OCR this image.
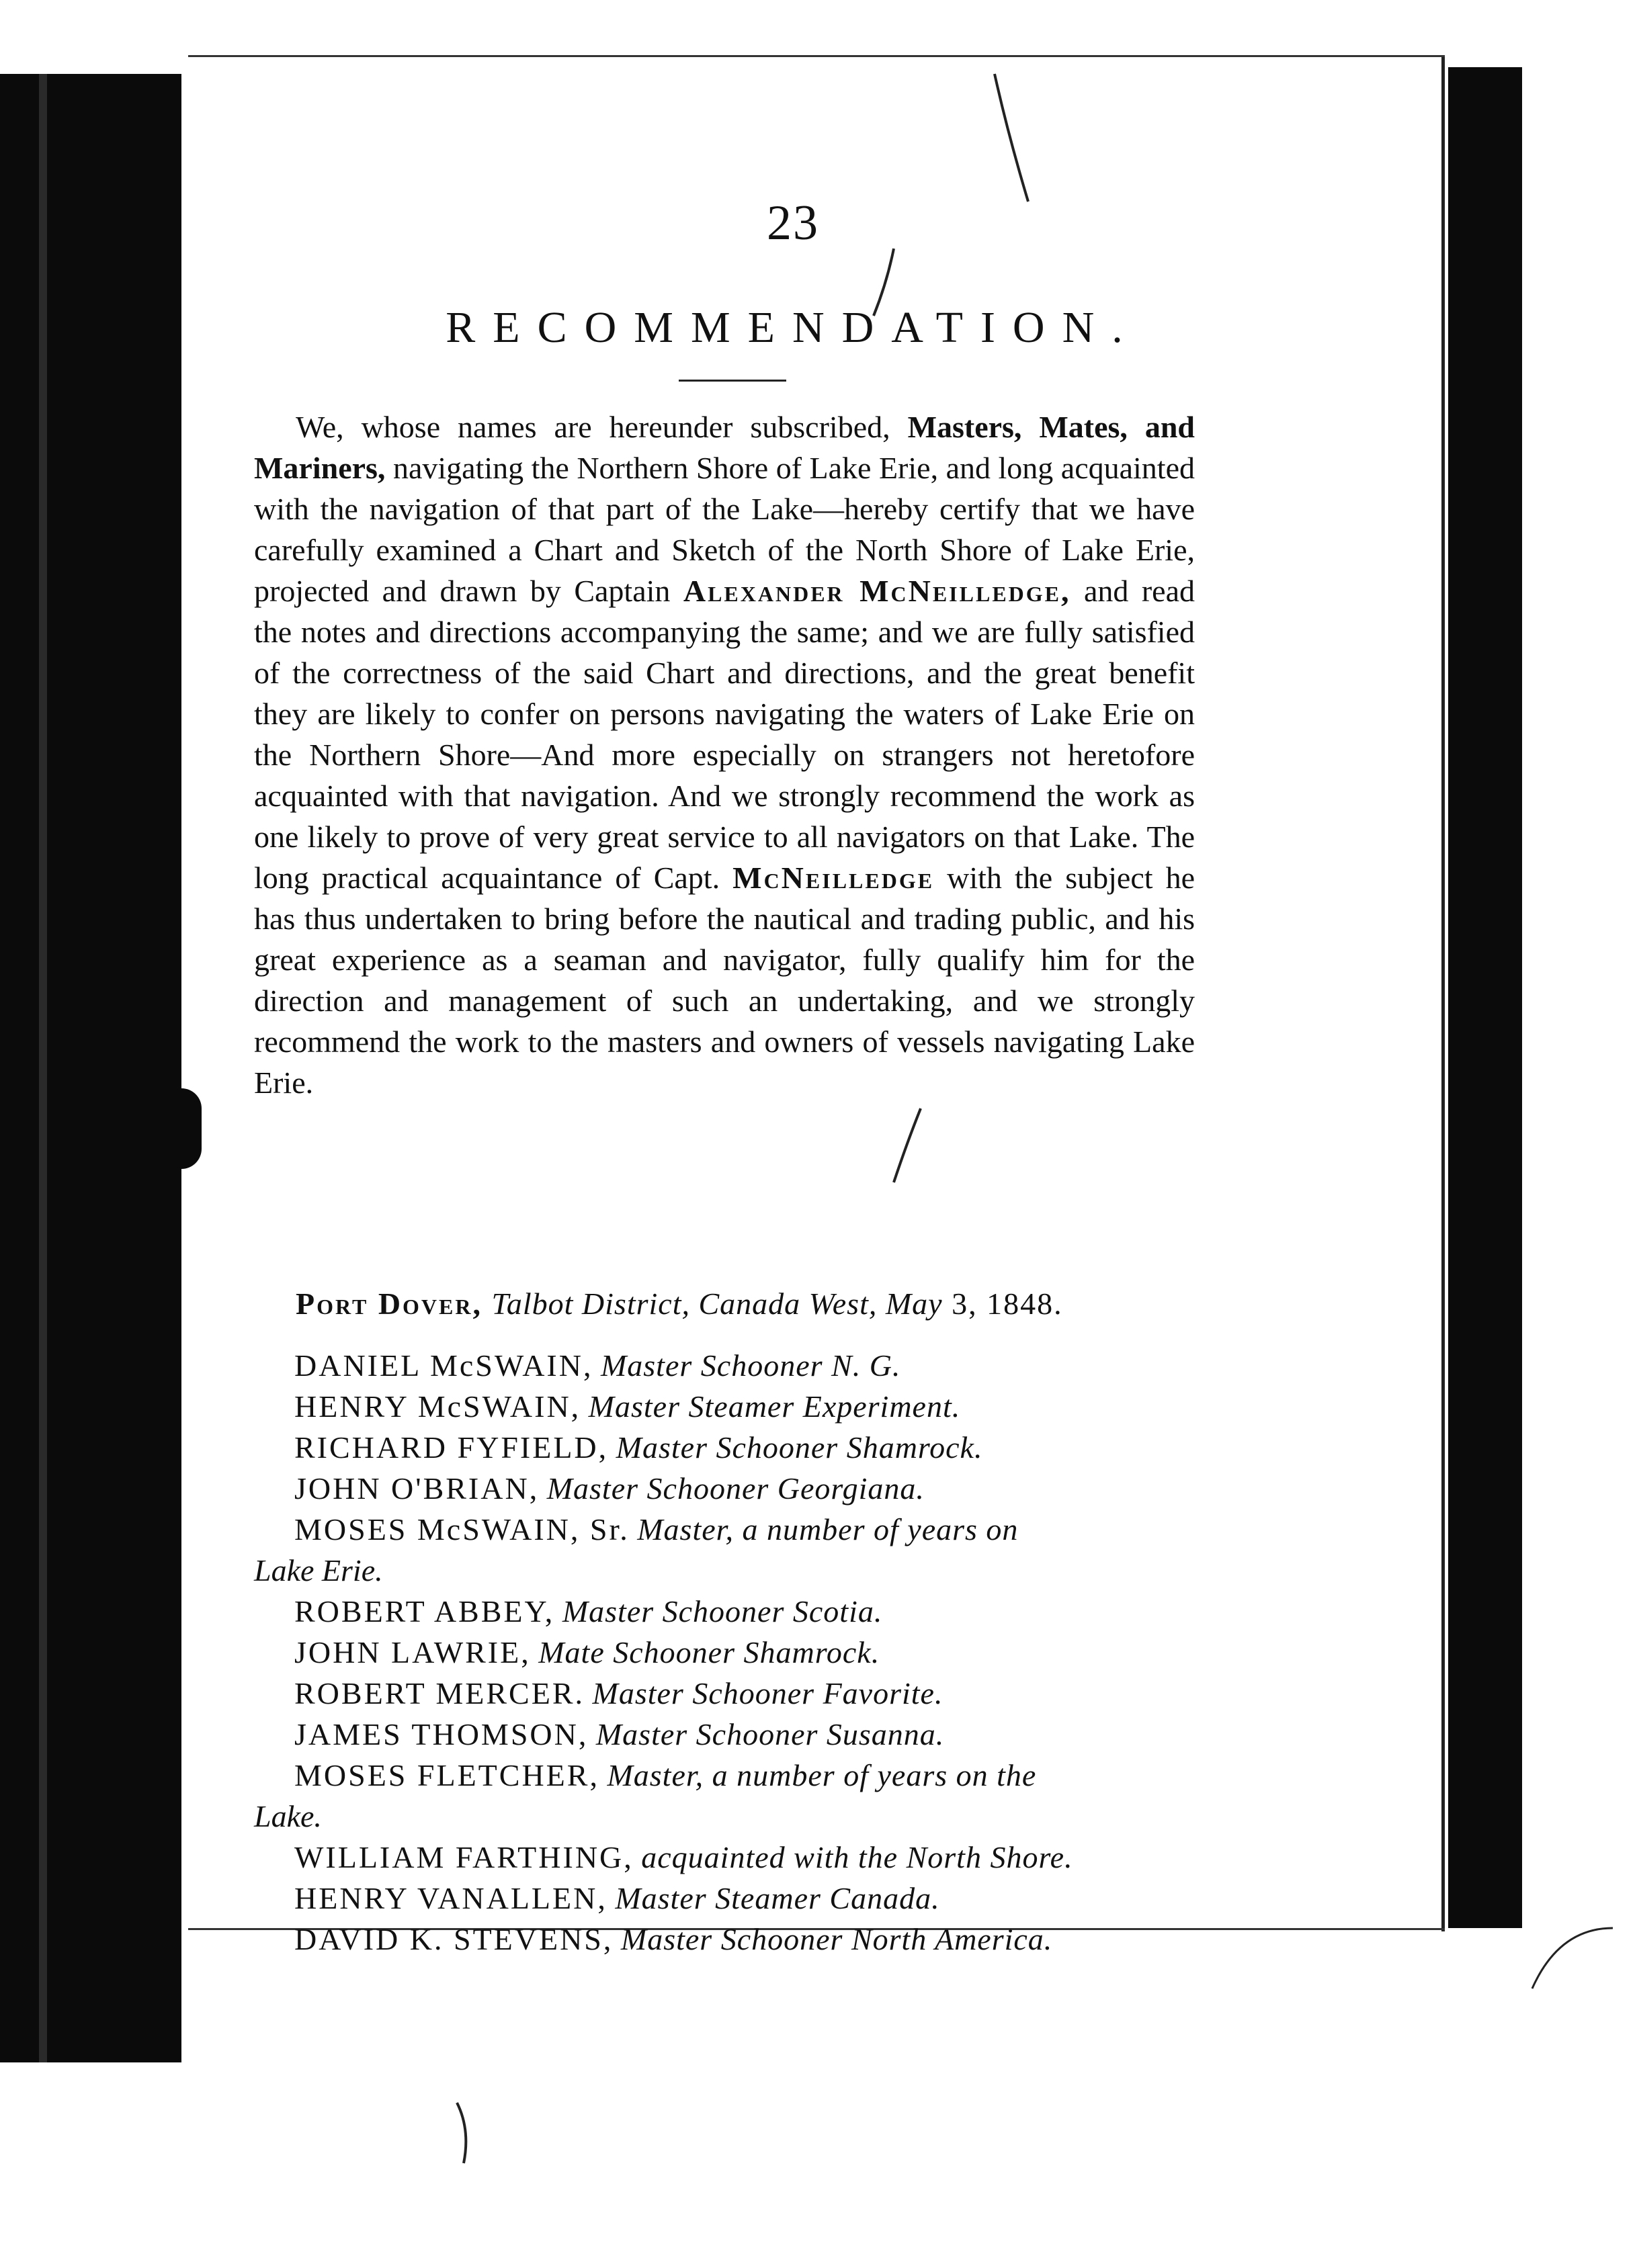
23
RECOMMENDATION.
We, whose names are hereunder subscribed, Masters, Mates, and Mariners, navigating the Northern Shore of Lake Erie, and long acquainted with the navigation of that part of the Lake—hereby certify that we have carefully examined a Chart and Sketch of the North Shore of Lake Erie, projected and drawn by Captain Alexander McNeilledge, and read the notes and directions accompanying the same; and we are fully satisfied of the correctness of the said Chart and directions, and the great benefit they are likely to confer on persons navigating the waters of Lake Erie on the Northern Shore—And more especially on strangers not heretofore acquainted with that navigation. And we strongly recommend the work as one likely to prove of very great service to all navigators on that Lake. The long practical acquaintance of Capt. McNeilledge with the subject he has thus undertaken to bring before the nautical and trading public, and his great experience as a seaman and navigator, fully qualify him for the direction and management of such an undertaking, and we strongly recommend the work to the masters and owners of vessels navigating Lake Erie.
Port Dover, Talbot District, Canada West, May 3, 1848.

DANIEL McSWAIN, Master Schooner N. G.

HENRY McSWAIN, Master Steamer Experiment.

RICHARD FYFIELD, Master Schooner Shamrock.

JOHN O'BRIAN, Master Schooner Georgiana.

MOSES McSWAIN, Sr. Master, a number of years on
Lake Erie.

ROBERT ABBEY, Master Schooner Scotia.

JOHN LAWRIE, Mate Schooner Shamrock.

ROBERT MERCER. Master Schooner Favorite.

JAMES THOMSON, Master Schooner Susanna.

MOSES FLETCHER, Master, a number of years on the
Lake.

WILLIAM FARTHING, acquainted with the North Shore.

HENRY VANALLEN, Master Steamer Canada.

DAVID K. STEVENS, Master Schooner North America.
